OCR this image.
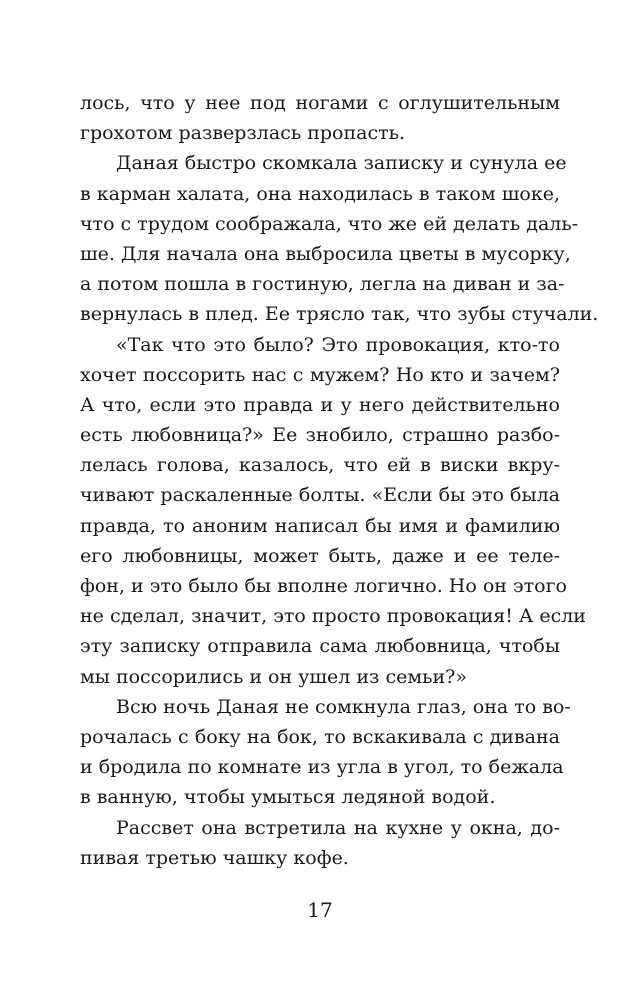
лось, что у нее под ногами с оглушительным
грохотом разверзлась пропасть.
Даная быстро скомкала записку и сунула ее
в карман халата, она находилась в таком шоке,
что с трудом соображала, что же ей делать даль-
ше. Для начала она выбросила цветы в мусорку,
а потом пошла в гостиную, легла на диван и за-
вернулась в плед. Ее трясло так, что зубы стучали.
«Так что это было? Это провокация, кто-то
хочет поссорить нас с мужем? Но кто и зачем?
А что, если это правда и у него действительно
есть любовница?» Ее знобило, страшно разбо-
лелась голова, казалось, что ей в виски вкру-
чивают раскаленные болты. «Если бы это была
правда, то аноним написал бы имя и фамилию
его любовницы, может быть, даже и ее теле-
фон, и это было бы вполне логично. Но он этого
не сделал, значит, это просто провокация! А если
эту записку отправила сама любовница, чтобы
мы поссорились и он ушел из семьи?»
Всю ночь Даная не сомкнула глаз, она то во-
рочалась с боку на бок, то вскакивала с дивана
и бродила по комнате из угла в угол, то бежала
в ванную, чтобы умыться ледяной водой.
Рассвет она встретила на кухне у окна, до-
пивая третью чашку кофе.
17
